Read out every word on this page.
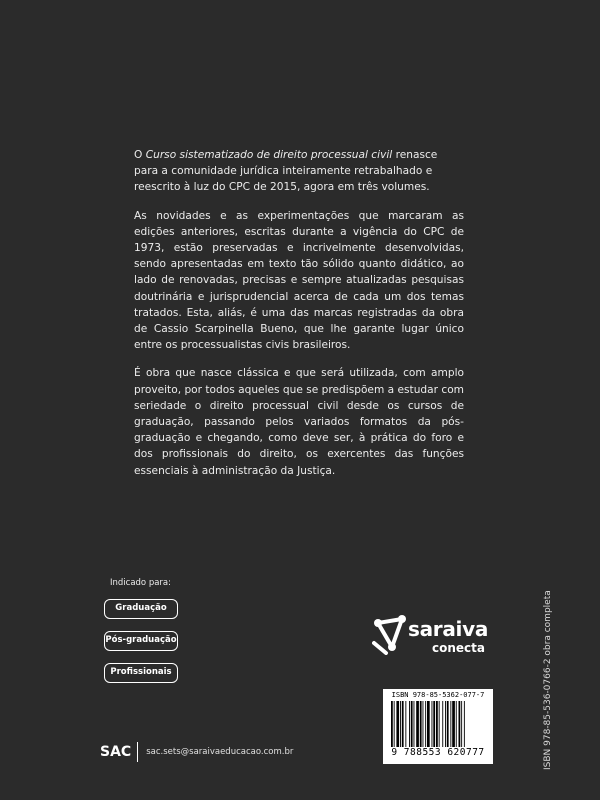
O Curso sistematizado de direito processual civil renasce para a comunidade jurídica inteiramente retrabalhado e reescrito à luz do CPC de 2015, agora em três volumes.

As novidades e as experimentações que marcaram as edições anteriores, escritas durante a vigência do CPC de 1973, estão preservadas e incrivelmente desenvolvidas, sendo apresentadas em texto tão sólido quanto didático, ao lado de renovadas, precisas e sempre atualizadas pesquisas doutrinária e jurisprudencial acerca de cada um dos temas tratados. Esta, aliás, é uma das marcas registradas da obra de Cassio Scarpinella Bueno, que lhe garante lugar único entre os processualistas civis brasileiros.

É obra que nasce clássica e que será utilizada, com amplo proveito, por todos aqueles que se predispõem a estudar com seriedade o direito processual civil desde os cursos de graduação, passando pelos variados formatos da pós-graduação e chegando, como deve ser, à prática do foro e dos profissionais do direito, os exercentes das funções essenciais à administração da Justiça.

Indicado para:
Graduação
Pós-graduação
Profissionais
saraiva
conecta
ISBN 978-85-5362-077-7
9 788553 620777	ISBN 978-85-536-0766-2 obra completa
SAC sac.sets@saraivaeducacao.com.br
